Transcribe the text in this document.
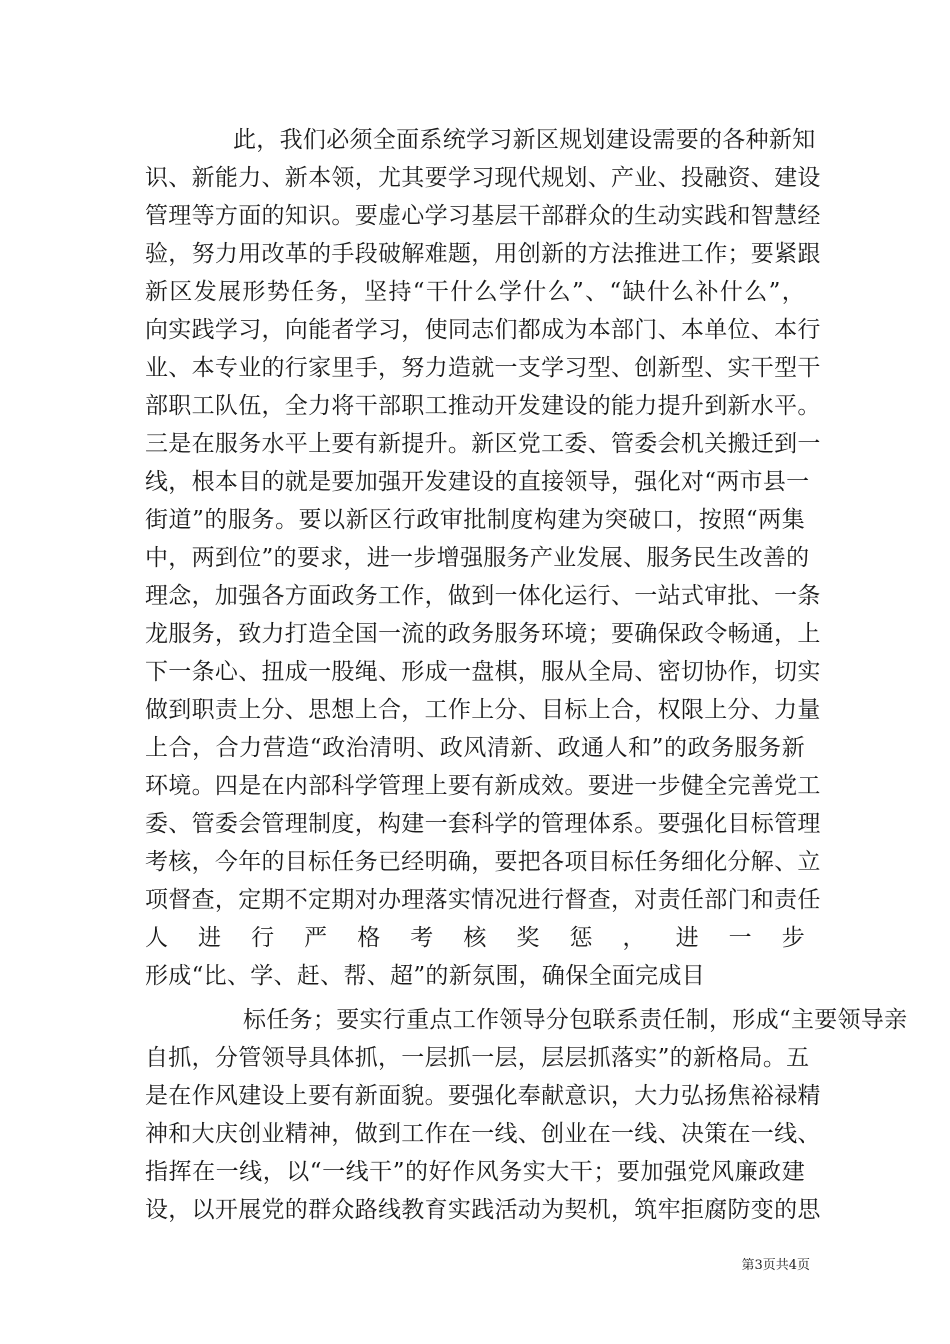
此，我们必须全面系统学习新区规划建设需要的各种新知
识、新能力、新本领，尤其要学习现代规划、产业、投融资、建设
管理等方面的知识。要虚心学习基层干部群众的生动实践和智慧经
验，努力用改革的手段破解难题，用创新的方法推进工作；要紧跟
新区发展形势任务，坚持“干什么学什么”、“缺什么补什么”，
向实践学习，向能者学习，使同志们都成为本部门、本单位、本行
业、本专业的行家里手，努力造就一支学习型、创新型、实干型干
部职工队伍，全力将干部职工推动开发建设的能力提升到新水平。
三是在服务水平上要有新提升。新区党工委、管委会机关搬迁到一
线，根本目的就是要加强开发建设的直接领导，强化对“两市县一
街道”的服务。要以新区行政审批制度构建为突破口，按照“两集
中，两到位”的要求，进一步增强服务产业发展、服务民生改善的
理念，加强各方面政务工作，做到一体化运行、一站式审批、一条
龙服务，致力打造全国一流的政务服务环境；要确保政令畅通，上
下一条心、扭成一股绳、形成一盘棋，服从全局、密切协作，切实
做到职责上分、思想上合，工作上分、目标上合，权限上分、力量
上合，合力营造“政治清明、政风清新、政通人和”的政务服务新
环境。四是在内部科学管理上要有新成效。要进一步健全完善党工
委、管委会管理制度，构建一套科学的管理体系。要强化目标管理
考核，今年的目标任务已经明确，要把各项目标任务细化分解、立
项督查，定期不定期对办理落实情况进行督查，对责任部门和责任
人进行严格考核奖惩，进一步
形成“比、学、赶、帮、超”的新氛围，确保全面完成目
标任务；要实行重点工作领导分包联系责任制，形成“主要领导亲
自抓，分管领导具体抓，一层抓一层，层层抓落实”的新格局。五
是在作风建设上要有新面貌。要强化奉献意识，大力弘扬焦裕禄精
神和大庆创业精神，做到工作在一线、创业在一线、决策在一线、
指挥在一线，以“一线干”的好作风务实大干；要加强党风廉政建
设，以开展党的群众路线教育实践活动为契机，筑牢拒腐防变的思
第3页共4页
